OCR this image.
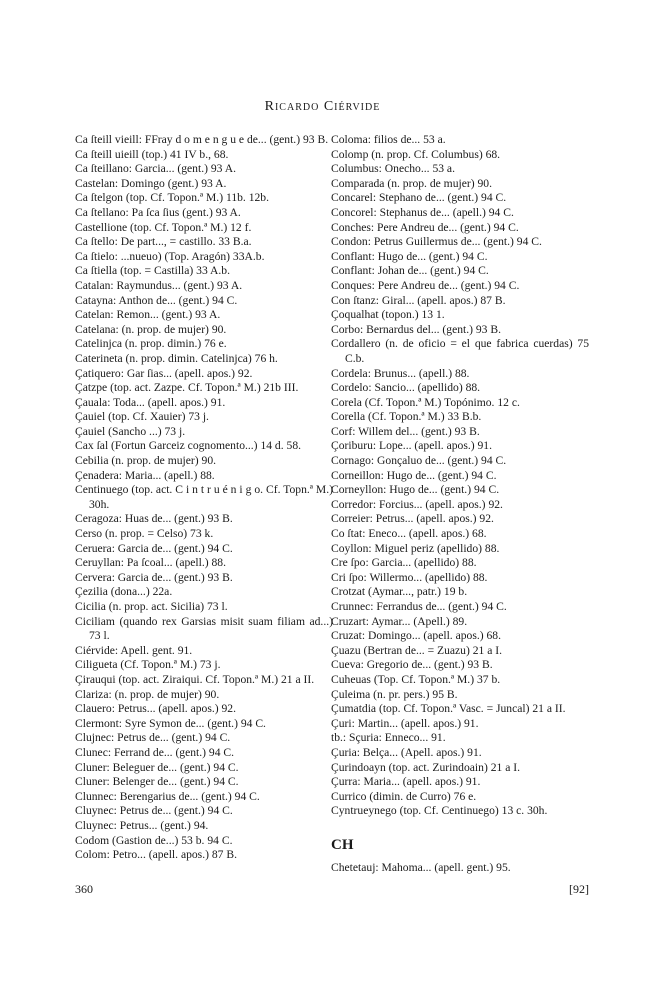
Ricardo Ciérvide

Ca ſteill vieill: FFray d o m e n g u e de... (gent.) 93 B.

Ca ſteill uieill (top.) 41 IV b., 68.

Ca ſteillano: Garcia... (gent.) 93 A.

Castelan: Domingo (gent.) 93 A.

Ca ſtelgon (top. Cf. Topon.ª M.) 11b. 12b.

Ca ſtellano: Pa ſca ſius (gent.) 93 A.

Castellione (top. Cf. Topon.ª M.) 12 f.

Ca ſtello: De part..., = castillo. 33 B.a.

Ca ſtielo: ...nueuo) (Top. Aragón) 33A.b.

Ca ſtiella (top. = Castilla) 33 A.b.

Catalan: Raymundus... (gent.) 93 A.

Catayna: Anthon de... (gent.) 94 C.

Catelan: Remon... (gent.) 93 A.

Catelana: (n. prop. de mujer) 90.

Catelinjca (n. prop. dimin.) 76 e.

Caterineta (n. prop. dimin. Catelinjca) 76 h.

Çatiquero: Gar ſias... (apell. apos.) 92.

Çatzpe (top. act. Zazpe. Cf. Topon.ª M.) 21b III.

Çauala: Toda... (apell. apos.) 91.

Çauiel (top. Cf. Xauier) 73 j.

Çauiel (Sancho ...) 73 j.

Cax ſal (Fortun Garceiz cognomento...) 14 d. 58.

Cebilia (n. prop. de mujer) 90.

Çenadera: Maria... (apell.) 88.

Centinuego (top. act. C i n t r u é n i g o. Cf. Topn.ª M.) 30h.

Ceragoza: Huas de... (gent.) 93 B.

Cerso (n. prop. = Celso) 73 k.

Ceruera: Garcia de... (gent.) 94 C.

Ceruyllan: Pa ſcoal... (apell.) 88.

Cervera: Garcia de... (gent.) 93 B.

Çezilia (dona...) 22a.

Cicilia (n. prop. act. Sicilia) 73 l.

Ciciliam (quando rex Garsias misit suam filiam ad...) 73 l.

Ciérvide: Apell. gent. 91.

Ciligueta (Cf. Topon.ª M.) 73 j.

Çirauqui (top. act. Ziraiqui. Cf. Topon.ª M.) 21 a II.

Clariza: (n. prop. de mujer) 90.

Clauero: Petrus... (apell. apos.) 92.

Clermont: Syre Symon de... (gent.) 94 C.

Clujnec: Petrus de... (gent.) 94 C.

Clunec: Ferrand de... (gent.) 94 C.

Cluner: Beleguer de... (gent.) 94 C.

Cluner: Belenger de... (gent.) 94 C.

Clunnec: Berengarius de... (gent.) 94 C.

Cluynec: Petrus de... (gent.) 94 C.

Cluynec: Petrus... (gent.) 94.

Codom (Gastion de...) 53 b. 94 C.

Colom: Petro... (apell. apos.) 87 B.

Coloma: filios de... 53 a.

Colomp (n. prop. Cf. Columbus) 68.

Columbus: Onecho... 53 a.

Comparada (n. prop. de mujer) 90.

Concarel: Stephano de... (gent.) 94 C.

Concorel: Stephanus de... (apell.) 94 C.

Conches: Pere Andreu de... (gent.) 94 C.

Condon: Petrus Guillermus de... (gent.) 94 C.

Conflant: Hugo de... (gent.) 94 C.

Conflant: Johan de... (gent.) 94 C.

Conques: Pere Andreu de... (gent.) 94 C.

Con ſtanz: Giral... (apell. apos.) 87 B.

Çoqualhat (topon.) 13 1.

Corbo: Bernardus del... (gent.) 93 B.

Cordallero (n. de oficio = el que fabrica cuerdas) 75 C.b.

Cordela: Brunus... (apell.) 88.

Cordelo: Sancio... (apellido) 88.

Corela (Cf. Topon.ª M.) Topónimo. 12 c.

Corella (Cf. Topon.ª M.) 33 B.b.

Corf: Willem del... (gent.) 93 B.

Çoriburu: Lope... (apell. apos.) 91.

Cornago: Gonçaluo de... (gent.) 94 C.

Corneillon: Hugo de... (gent.) 94 C.

Corneyllon: Hugo de... (gent.) 94 C.

Corredor: Forcius... (apell. apos.) 92.

Correier: Petrus... (apell. apos.) 92.

Co ſtat: Eneco... (apell. apos.) 68.

Coyllon: Miguel periz (apellido) 88.

Cre ſpo: Garcia... (apellido) 88.

Cri ſpo: Willermo... (apellido) 88.

Crotzat (Aymar..., patr.) 19 b.

Crunnec: Ferrandus de... (gent.) 94 C.

Cruzart: Aymar... (Apell.) 89.

Cruzat: Domingo... (apell. apos.) 68.

Çuazu (Bertran de... = Zuazu) 21 a I.

Cueva: Gregorio de... (gent.) 93 B.

Cuheuas (Top. Cf. Topon.ª M.) 37 b.

Çuleima (n. pr. pers.) 95 B.

Çumatdia (top. Cf. Topon.ª Vasc. = Juncal) 21 a II.

Çuri: Martin... (apell. apos.) 91.

tb.: Sçuria: Enneco... 91.

Çuria: Belça... (Apell. apos.) 91.

Çurindoayn (top. act. Zurindoain) 21 a I.

Çurra: Maria... (apell. apos.) 91.

Currico (dimin. de Curro) 76 e.

Cyntrueynego (top. Cf. Centinuego) 13 c. 30h.

CH

Chetetauj: Mahoma... (apell. gent.) 95.

360	[92]
